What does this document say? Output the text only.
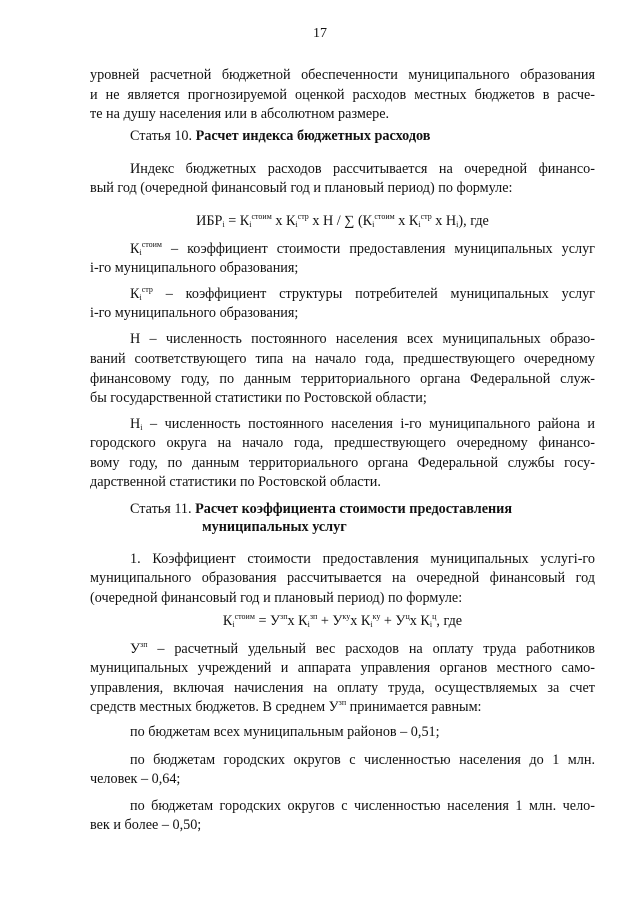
17
уровней расчетной бюджетной обеспеченности муниципального образования
и не является прогнозируемой оценкой расходов местных бюджетов в расче-
те на душу населения или в абсолютном размере.
Статья 10. Расчет индекса бюджетных расходов
Индекс бюджетных расходов рассчитывается на очередной финансо-
вый год (очередной финансовый год и плановый период) по формуле:
$ИБР_i = К_i^{стоим}$ х $К_i^{стр}$ х Н / ∑ ($К_i^{стоим}$ х $К_i^{стр}$ х $Н_i$), где
$К_i^{стоим}$ – коэффициент стоимости предоставления муниципальных услуг
i-го муниципального образования;
$К_i^{стр}$ – коэффициент структуры потребителей муниципальных услуг
i-го муниципального образования;
Н – численность постоянного населения всех муниципальных образо-
ваний соответствующего типа на начало года, предшествующего очередному
финансовому году, по данным территориального органа Федеральной служ-
бы государственной статистики по Ростовской области;
$Н_i$ – численность постоянного населения i-го муниципального района и
городского округа на начало года, предшествующего очередному финансо-
вому году, по данным территориального органа Федеральной службы госу-
дарственной статистики по Ростовской области.
Статья 11. Расчет коэффициента стоимости предоставления
муниципальных услуг
1. Коэффициент стоимости предоставления муниципальных услугi-го
муниципального образования рассчитывается на очередной финансовый год
(очередной финансовый год и плановый период) по формуле:
$К_i^{стоим} = У^{зп}х$ $К_i^{зп} + У^{ку}х$ $К_i^{ку} + У^цх$ $К_i^ц$, где
$У^{зп}$ – расчетный удельный вес расходов на оплату труда работников
муниципальных учреждений и аппарата управления органов местного само-
управления, включая начисления на оплату труда, осуществляемых за счет
средств местных бюджетов. В среднем $У^{зп}$ принимается равным:
по бюджетам всех муниципальным районов – 0,51;
по бюджетам городских округов с численностью населения до 1 млн.
человек – 0,64;
по бюджетам городских округов с численностью населения 1 млн. чело-
век и более – 0,50;
